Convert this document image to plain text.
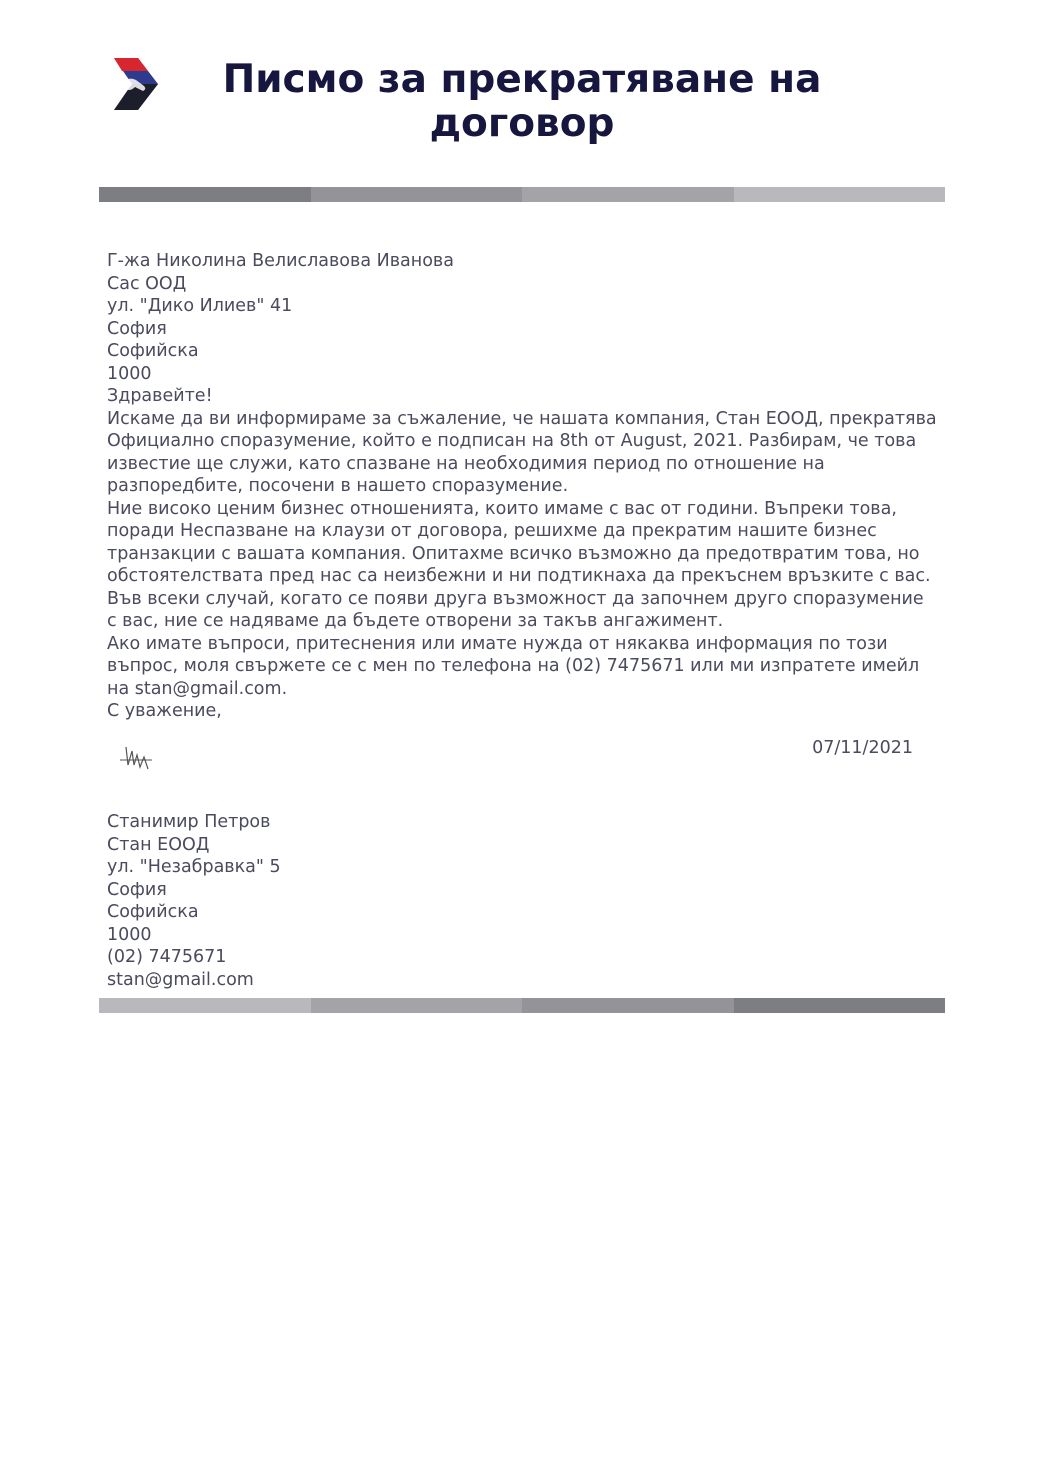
Писмо за прекратяване на договор
Г-жа Николина Велиславова Иванова
Сас ООД
ул. "Дико Илиев" 41
София
Софийска
1000
Здравейте!

Искаме да ви информираме за съжаление, че нашата компания, Стан ЕООД, прекратява Официално споразумение, който е подписан на 8th от August, 2021. Разбирам, че това известие ще служи, като спазване на необходимия период по отношение на разпоредбите, посочени в нашето споразумение.

Ние високо ценим бизнес отношенията, които имаме с вас от години. Въпреки това, поради Неспазване на клаузи от договора, решихме да прекратим нашите бизнес транзакции с вашата компания. Опитахме всичко възможно да предотвратим това, но обстоятелствата пред нас са неизбежни и ни подтикнаха да прекъснем връзките с вас. Във всеки случай, когато се появи друга възможност да започнем друго споразумение с вас, ние се надяваме да бъдете отворени за такъв ангажимент.

Ако имате въпроси, притеснения или имате нужда от някаква информация по този въпрос, моля свържете се с мен по телефона на (02) 7475671 или ми изпратете имейл на stan@gmail.com.

С уважение,
07/11/2021
Станимир Петров
Стан ЕООД
ул. "Незабравка" 5
София
Софийска
1000
(02) 7475671
stan@gmail.com
